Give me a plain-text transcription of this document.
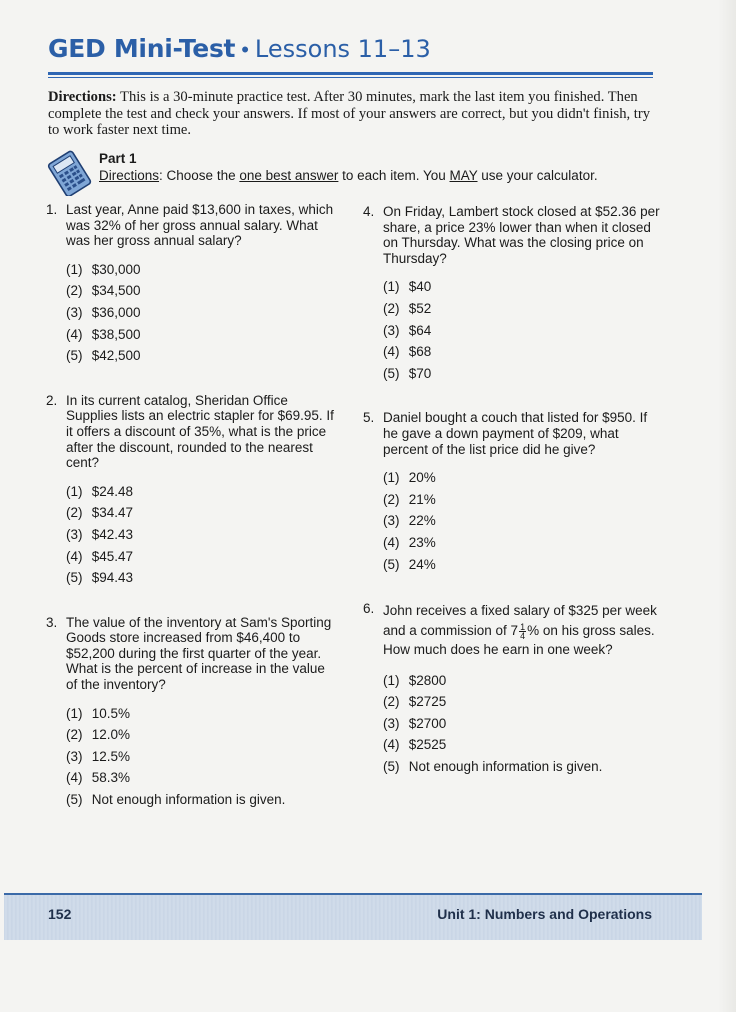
GED Mini-Test • Lessons 11–13
Directions: This is a 30-minute practice test. After 30 minutes, mark the last item you finished. Then complete the test and check your answers. If most of your answers are correct, but you didn't finish, try to work faster next time.
Part 1
Directions: Choose the one best answer to each item. You MAY use your calculator.
1. Last year, Anne paid $13,600 in taxes, which was 32% of her gross annual salary. What was her gross annual salary?
(1) $30,000
(2) $34,500
(3) $36,000
(4) $38,500
(5) $42,500
2. In its current catalog, Sheridan Office Supplies lists an electric stapler for $69.95. If it offers a discount of 35%, what is the price after the discount, rounded to the nearest cent?
(1) $24.48
(2) $34.47
(3) $42.43
(4) $45.47
(5) $94.43
3. The value of the inventory at Sam's Sporting Goods store increased from $46,400 to $52,200 during the first quarter of the year. What is the percent of increase in the value of the inventory?
(1) 10.5%
(2) 12.0%
(3) 12.5%
(4) 58.3%
(5) Not enough information is given.
4. On Friday, Lambert stock closed at $52.36 per share, a price 23% lower than when it closed on Thursday. What was the closing price on Thursday?
(1) $40
(2) $52
(3) $64
(4) $68
(5) $70
5. Daniel bought a couch that listed for $950. If he gave a down payment of $209, what percent of the list price did he give?
(1) 20%
(2) 21%
(3) 22%
(4) 23%
(5) 24%
6. John receives a fixed salary of $325 per week and a commission of $7 \frac{1}{4}$ % on his gross sales. How much does he earn in one week?
(1) $2800
(2) $2725
(3) $2700
(4) $2525
(5) Not enough information is given.
152	Unit 1: Numbers and Operations
